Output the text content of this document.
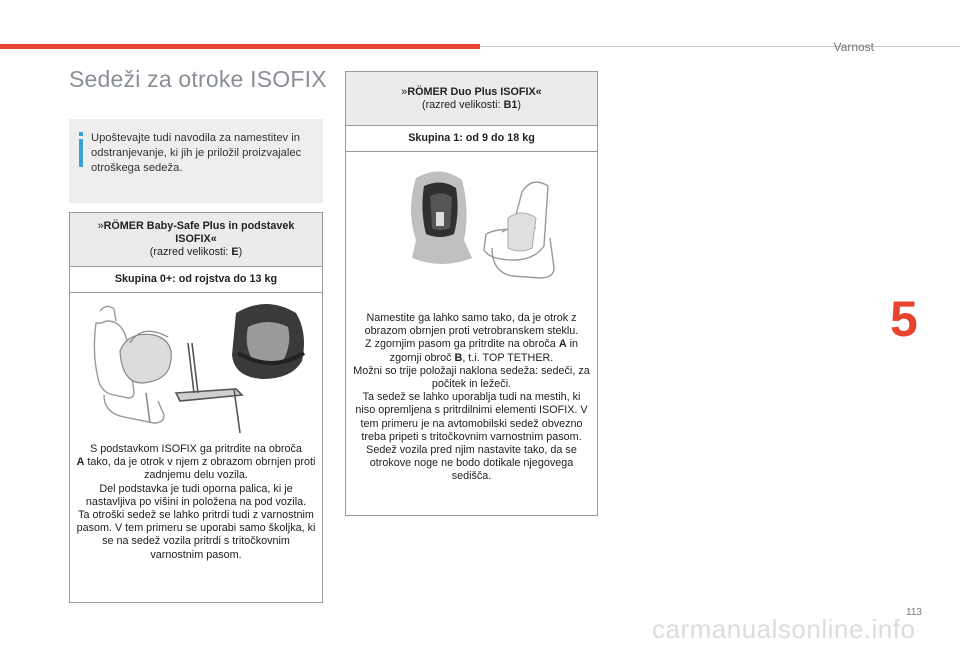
Varnost
Sedeži za otroke ISOFIX
Upoštevajte tudi navodila za namestitev in odstranjevanje, ki jih je priložil proizvajalec otroškega sedeža.
»RÖMER Baby-Safe Plus in podstavek ISOFIX«
(razred velikosti: E)
Skupina 0+: od rojstva do 13 kg
S podstavkom ISOFIX ga pritrdite na obroča
A tako, da je otrok v njem z obrazom obrnjen proti zadnjemu delu vozila.
Del podstavka je tudi oporna palica, ki je nastavljiva po višini in položena na pod vozila.
Ta otroški sedež se lahko pritrdi tudi z varnostnim pasom. V tem primeru se uporabi samo školjka, ki se na sedež vozila pritrdi s tritočkovnim varnostnim pasom.
»RÖMER Duo Plus ISOFIX«
(razred velikosti: B1)
Skupina 1: od 9 do 18 kg
Namestite ga lahko samo tako, da je otrok z obrazom obrnjen proti vetrobranskem steklu.
Z zgornjim pasom ga pritrdite na obroča A in zgornji obroč B, t.i. TOP TETHER.
Možni so trije položaji naklona sedeža: sedeči, za počitek in ležeči.
Ta sedež se lahko uporablja tudi na mestih, ki niso opremljena s pritrdilnimi elementi ISOFIX. V tem primeru je na avtomobilski sedež obvezno treba pripeti s tritočkovnim varnostnim pasom. Sedež vozila pred njim nastavite tako, da se otrokove noge ne bodo dotikale njegovega sedišča.
5
113
carmanualsonline.info
